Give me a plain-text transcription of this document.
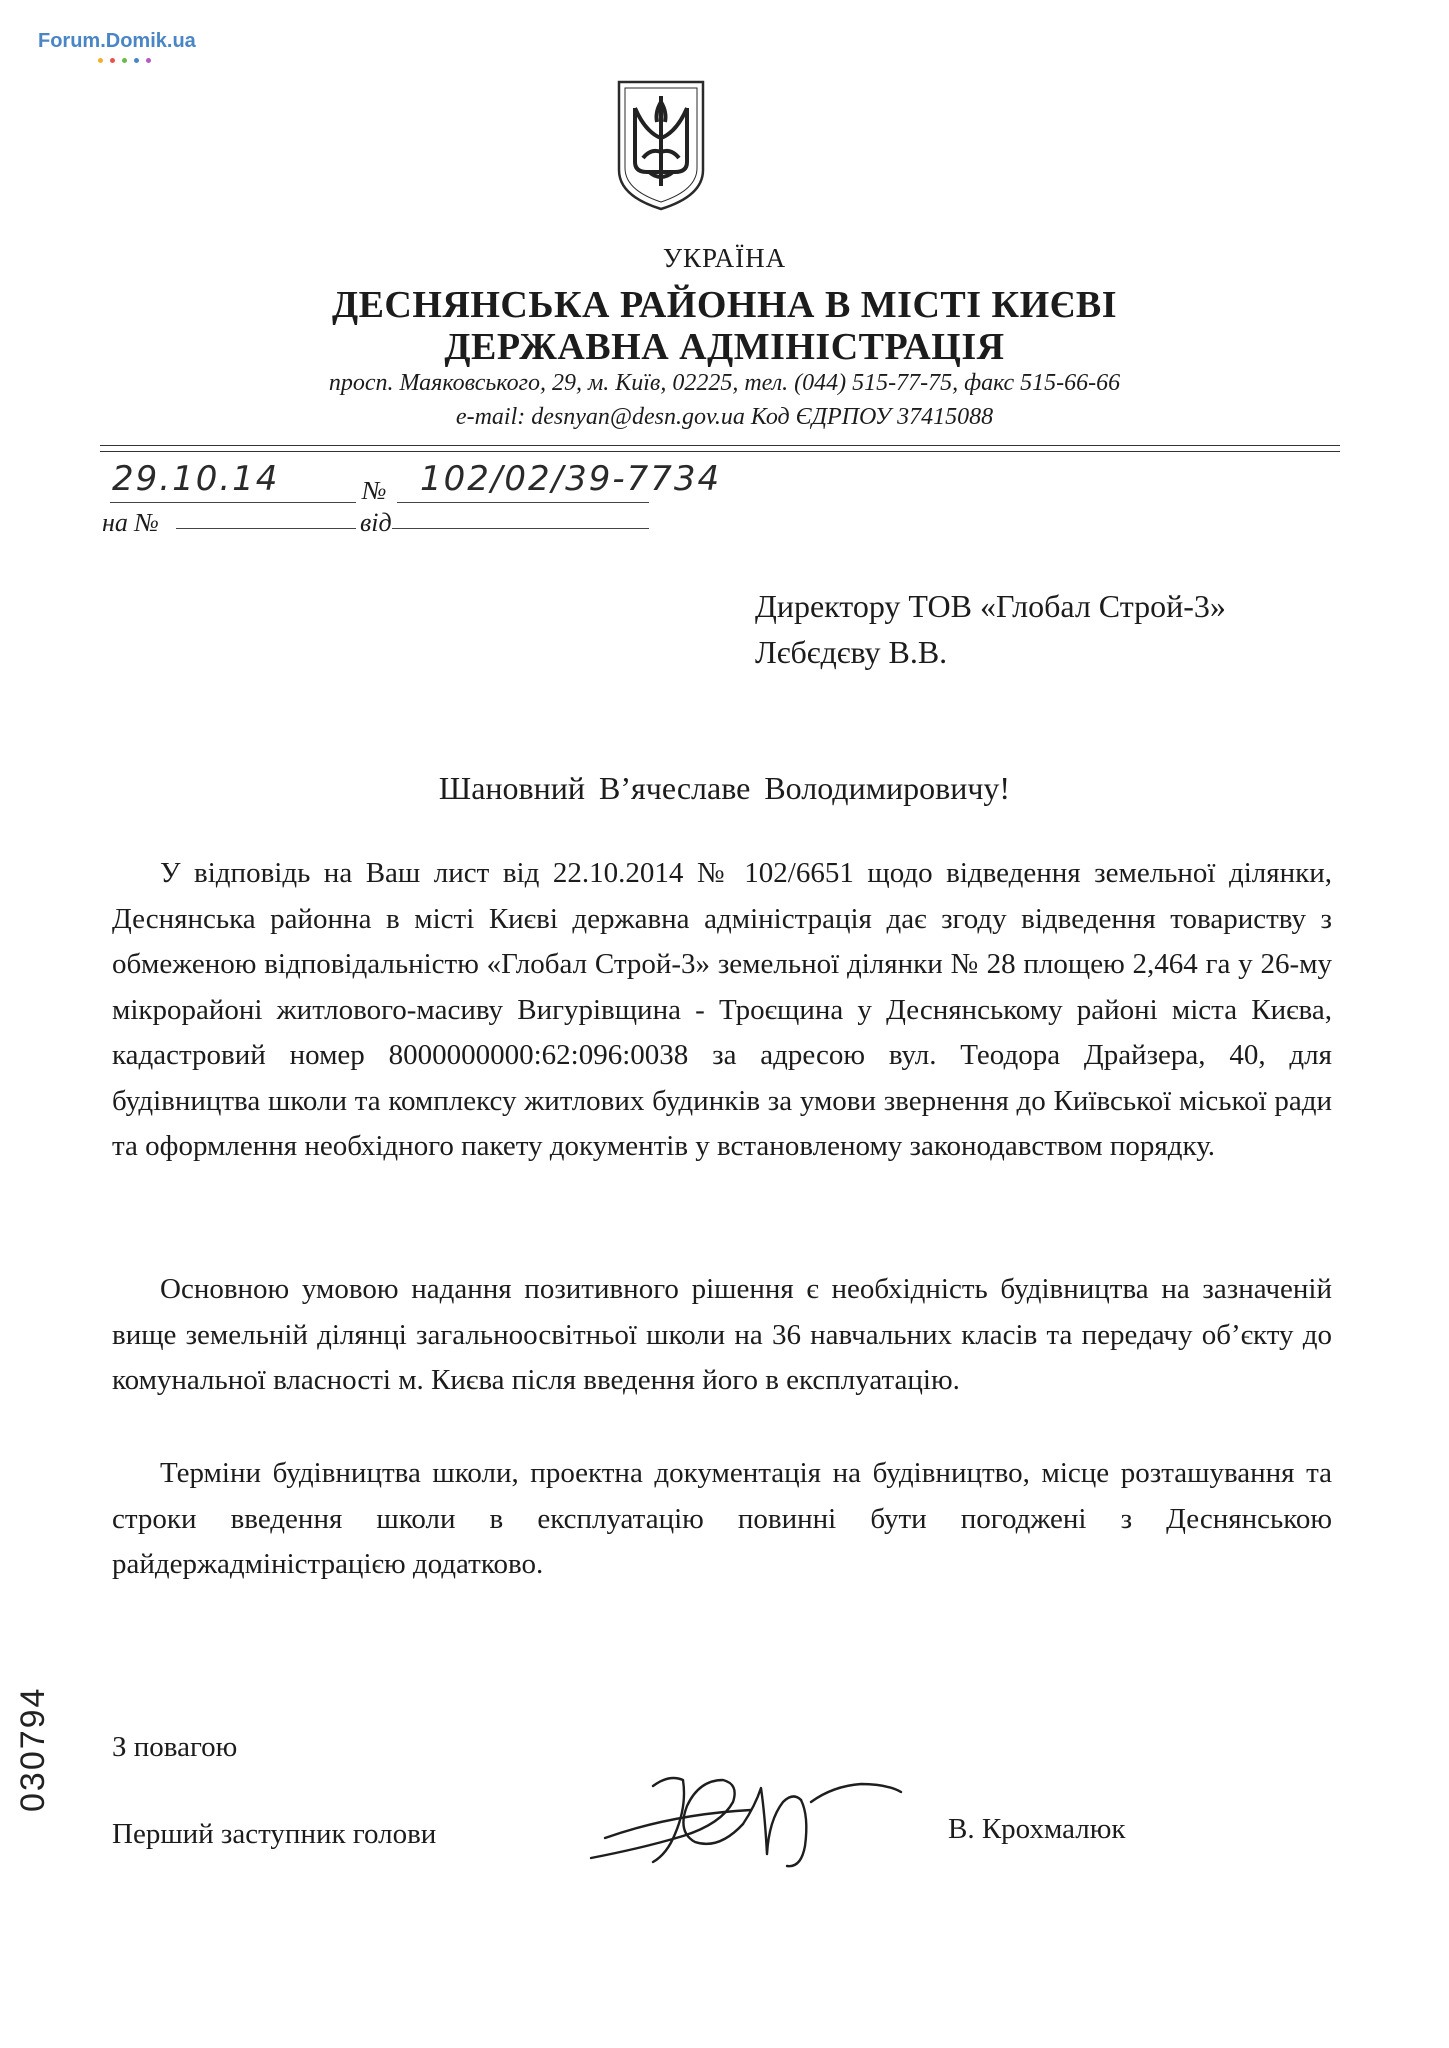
Forum.Domik.ua
УКРАЇНА
ДЕСНЯНСЬКА РАЙОННА В МІСТІ КИЄВІ
ДЕРЖАВНА АДМІНІСТРАЦІЯ
просп. Маяковського, 29, м. Київ, 02225, тел. (044) 515-77-75, факс 515-66-66
e-mail: desnyan@desn.gov.ua Код ЄДРПОУ 37415088
29.10.14	№ 102/02/39-7734
на №	від
Директору ТОВ «Глобал Строй-3»
Лєбєдєву В.В.
Шановний В’ячеславе Володимировичу!

У відповідь на Ваш лист від 22.10.2014 № 102/6651 щодо відведення земельної ділянки, Деснянська районна в місті Києві державна адміністрація дає згоду відведення товариству з обмеженою відповідальністю «Глобал Строй-3» земельної ділянки № 28 площею 2,464 га у 26-му мікрорайоні житлового-масиву Вигурівщина - Троєщина у Деснянському районі міста Києва, кадастровий номер 8000000000:62:096:0038 за адресою вул. Теодора Драйзера, 40, для будівництва школи та комплексу житлових будинків за умови звернення до Київської міської ради та оформлення необхідного пакету документів у встановленому законодавством порядку.

Основною умовою надання позитивного рішення є необхідність будівництва на зазначеній вище земельній ділянці загальноосвітньої школи на 36 навчальних класів та передачу об’єкту до комунальної власності м. Києва після введення його в експлуатацію.

Терміни будівництва школи, проектна документація на будівництво, місце розташування та строки введення школи в експлуатацію повинні бути погоджені з Деснянською райдержадміністрацією додатково.

З повагою
Перший заступник голови	В. Крохмалюк
030794
